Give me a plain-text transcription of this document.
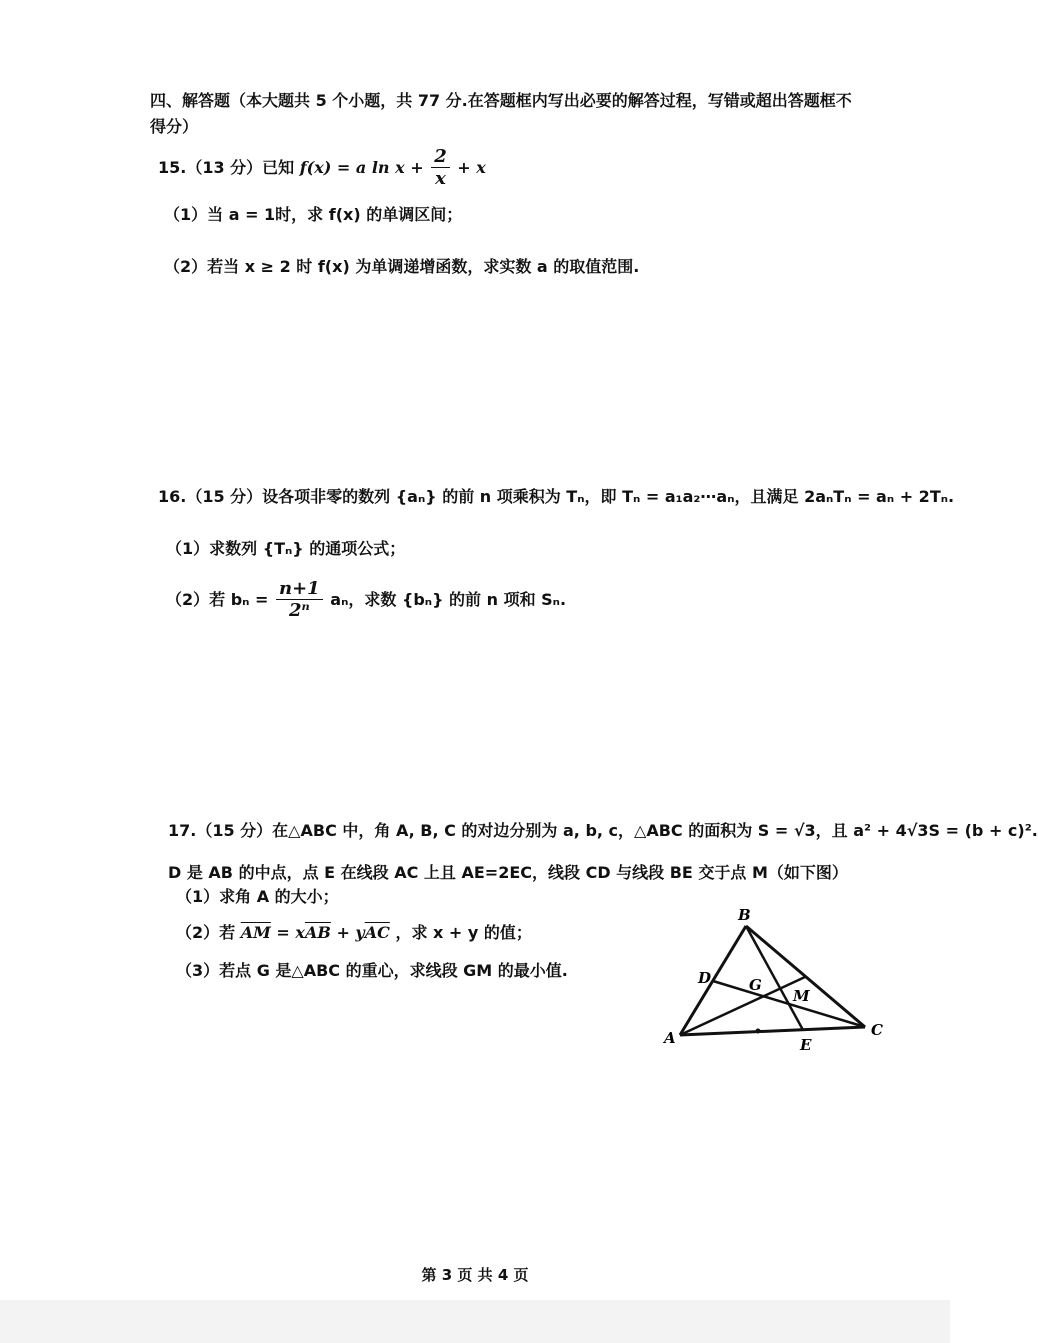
四、解答题（本大题共 5 个小题，共 77 分.在答题框内写出必要的解答过程，写错或超出答题框不
得分）
15.（13 分）已知 f(x) = a $\ln x + \frac{2}{x} + x$
（1）当 a = 1时，求 f(x) 的单调区间；
（2）若当 x ≥ 2 时 f(x) 为单调递增函数，求实数 a 的取值范围.
16.（15 分）设各项非零的数列 {aₙ} 的前 n 项乘积为 Tₙ，即 Tₙ = a₁a₂⋯aₙ，且满足 2aₙTₙ = aₙ + 2Tₙ.
（1）求数列 {Tₙ} 的通项公式；
（2）若 $b_n = \frac{n+1}{\text{2ⁿ}}$ aₙ，求数 {bₙ} 的前 n 项和 Sₙ.
17.（15 分）在△ABC 中，角 A, B, C 的对边分别为 a, b, c，△ABC 的面积为 S = √3，且 a² + 4√3S = (b + c)².
D 是 AB 的中点，点 E 在线段 AC 上且 AE=2EC，线段 CD 与线段 BE 交于点 M（如下图）
（1）求角 A 的大小；
（2）若 $\overline{AM} = x\overline{AB} + y\overline{AC}$ ，求 x + y 的值；
（3）若点 G 是△ABC 的重心，求线段 GM 的最小值.
B
D	G
M
A	E
C
第 3 页 共 4 页
